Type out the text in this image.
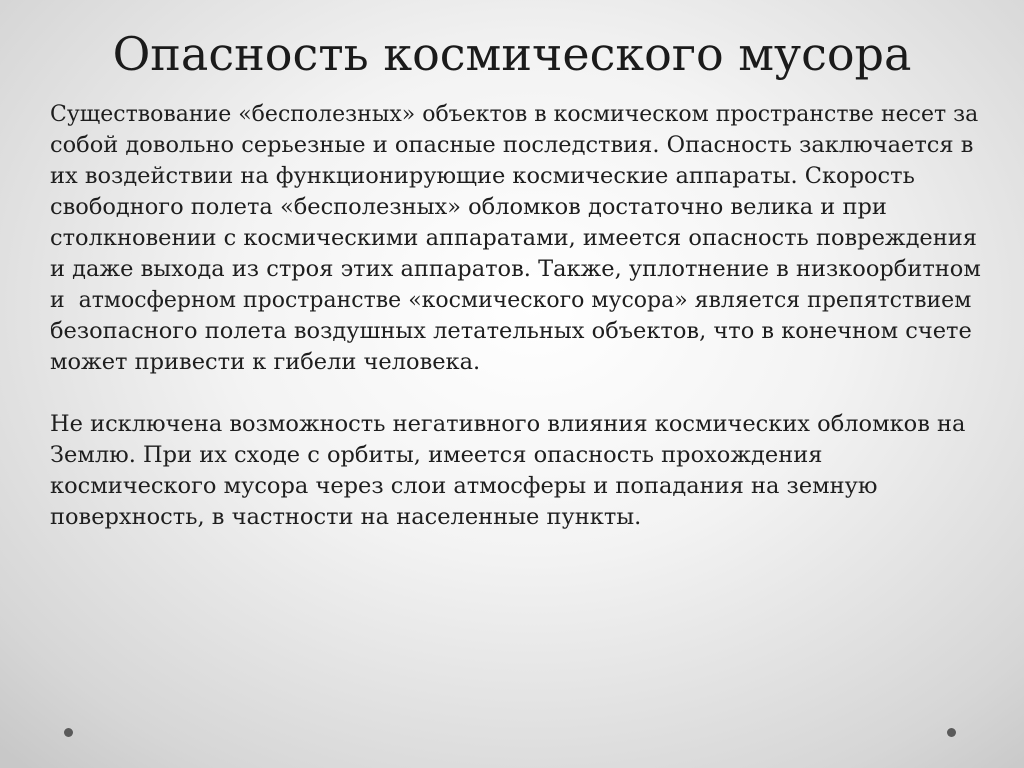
Опасность космического мусора

Существование «бесполезных» объектов в космическом пространстве несет за
собой довольно серьезные и опасные последствия. Опасность заключается в
их воздействии на функционирующие космические аппараты. Скорость
свободного полета «бесполезных» обломков достаточно велика и при
столкновении с космическими аппаратами, имеется опасность повреждения
и даже выхода из строя этих аппаратов. Также, уплотнение в низкоорбитном
и  атмосферном пространстве «космического мусора» является препятствием
безопасного полета воздушных летательных объектов, что в конечном счете
может привести к гибели человека.

Не исключена возможность негативного влияния космических обломков на
Землю. При их сходе с орбиты, имеется опасность прохождения
космического мусора через слои атмосферы и попадания на земную
поверхность, в частности на населенные пункты.
